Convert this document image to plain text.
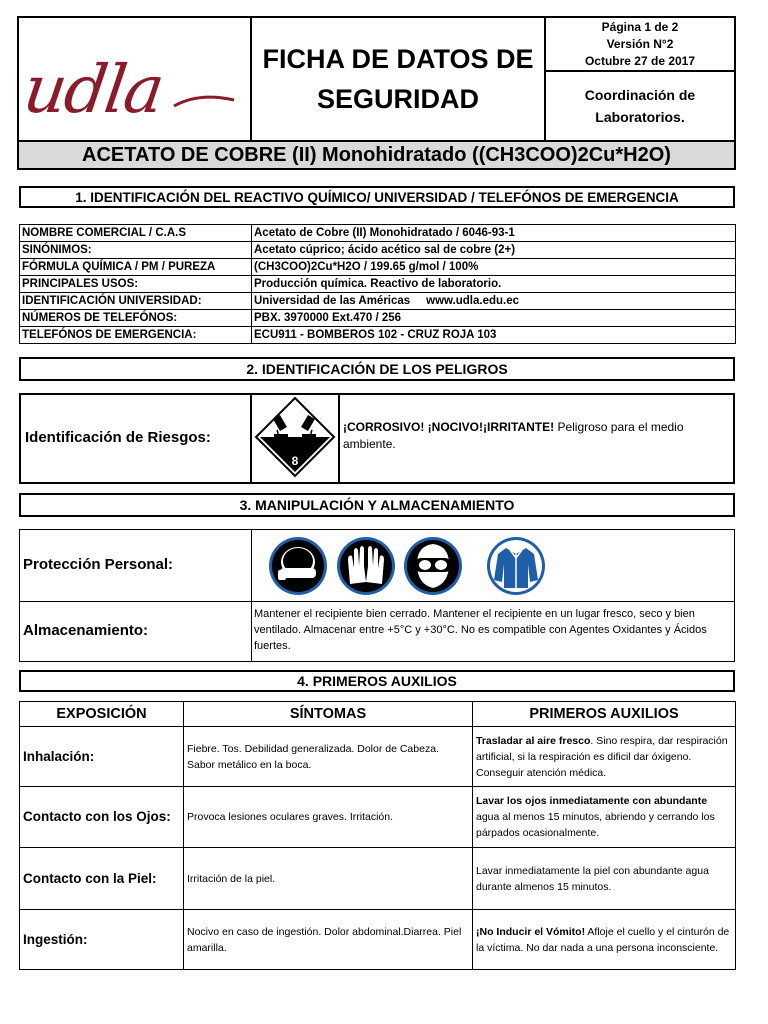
udla	FICHA DE DATOS DE
SEGURIDAD
Página 1 de 2
Versión N°2
Octubre 27 de 2017
Coordinación de
Laboratorios.
ACETATO DE COBRE (II) Monohidratado ((CH3COO)2Cu*H2O)
1. IDENTIFICACIÓN DEL REACTIVO QUÍMICO/ UNIVERSIDAD / TELEFÓNOS DE EMERGENCIA
NOMBRE COMERCIAL / C.A.S	Acetato de Cobre (II) Monohidratado / 6046-93-1
SINÓNIMOS:	Acetato cúprico; ácido acético sal de cobre (2+)
FÓRMULA QUÍMICA / PM / PUREZA	(CH3COO)2Cu*H2O / 199.65 g/mol / 100%
PRINCIPALES USOS:	Producción química. Reactivo de laboratorio.
IDENTIFICACIÓN UNIVERSIDAD:	Universidad de las Américas     www.udla.edu.ec
NÚMEROS DE TELEFÓNOS:	PBX. 3970000 Ext.470 / 256
TELEFÓNOS DE EMERGENCIA:	ECU911 - BOMBEROS 102 - CRUZ ROJA 103
2. IDENTIFICACIÓN DE LOS PELIGROS
Identificación de Riesgos:
8
¡CORROSIVO! ¡NOCIVO!¡IRRITANTE! Peligroso para el medio ambiente.
3. MANIPULACIÓN Y ALMACENAMIENTO
Protección Personal:
Almacenamiento:
Mantener el recipiente bien cerrado. Mantener el recipiente en un lugar fresco, seco y bien ventilado. Almacenar entre +5°C y +30°C. No es compatible con Agentes Oxidantes y Ácidos fuertes.
4. PRIMEROS AUXILIOS
EXPOSICIÓN	SÍNTOMAS	PRIMEROS AUXILIOS
Inhalación:	Fiebre. Tos. Debilidad generalizada. Dolor de Cabeza. Sabor metálico en la boca.	Trasladar al aire fresco. Sino respira, dar respiración artificial, si la respiración es dificil dar óxigeno. Conseguir atención médica.
Contacto con los Ojos:	Provoca lesiones oculares graves. Irritación.	Lavar los ojos inmediatamente con abundante agua al menos 15 minutos, abriendo y cerrando los párpados ocasionalmente.
Contacto con la Piel:	Irritación de la piel.	Lavar inmediatamente la piel con abundante agua durante almenos 15 minutos.
Ingestión:	Nocivo en caso de ingestión. Dolor abdominal.Diarrea. Piel amarilla.	¡No Inducir el Vómito! Afloje el cuello y el cinturón de la víctima. No dar nada a una persona inconsciente.
